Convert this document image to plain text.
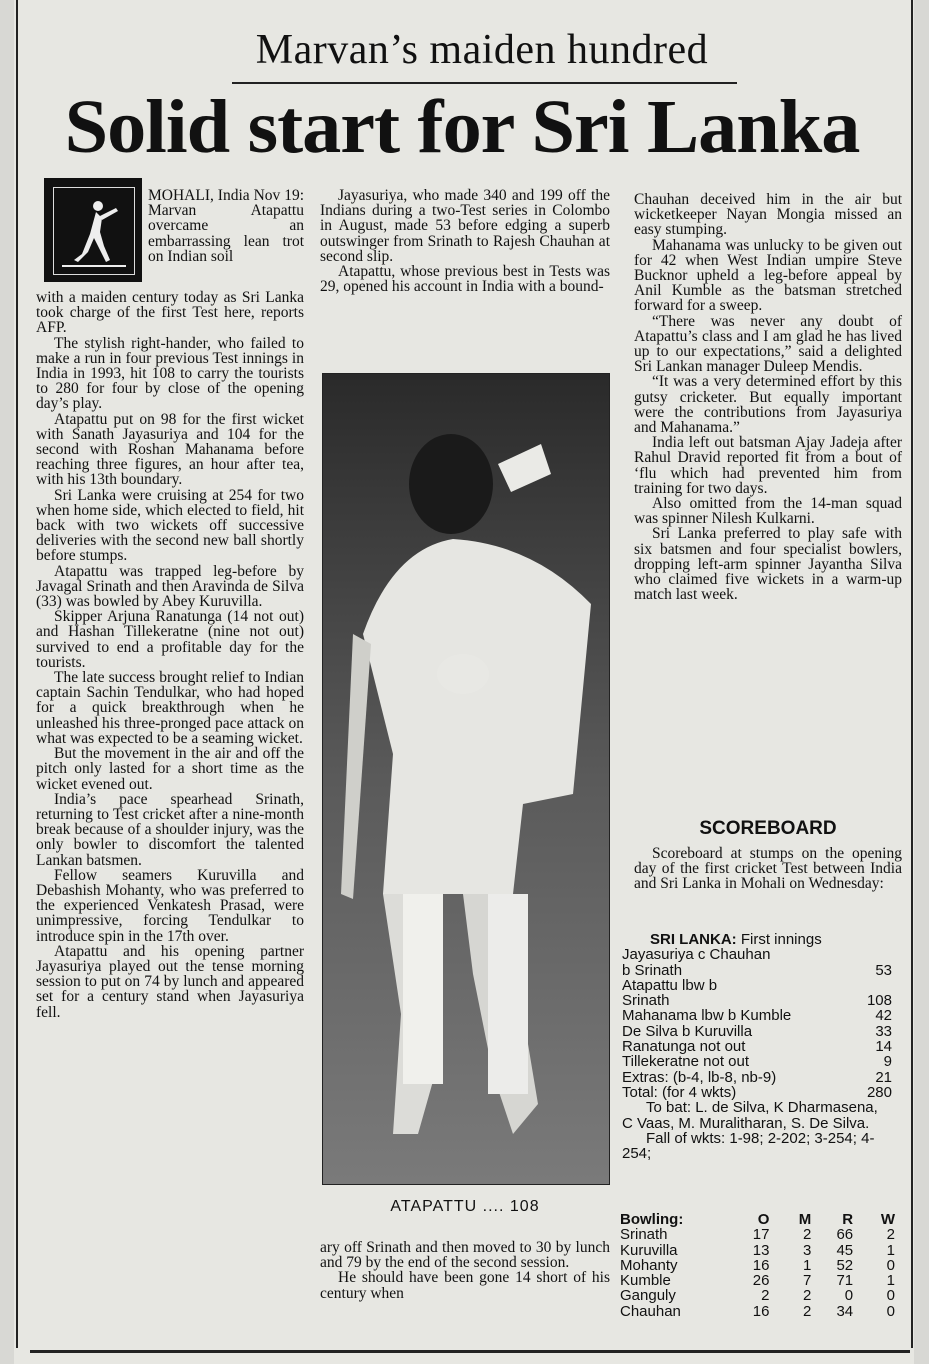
Marvan’s maiden hundred
Solid start for Sri Lanka
MOHALI, India Nov 19: Marvan Atapattu overcame an embarrassing lean trot on Indian soil

with a maiden century today as Sri Lanka took charge of the first Test here, reports AFP.

The stylish right-hander, who failed to make a run in four previous Test innings in India in 1993, hit 108 to carry the tourists to 280 for four by close of the opening day’s play.

Atapattu put on 98 for the first wicket with Sanath Jayasuriya and 104 for the second with Roshan Mahanama before reaching three figures, an hour after tea, with his 13th boundary.

Sri Lanka were cruising at 254 for two when home side, which elected to field, hit back with two wickets off successive deliveries with the second new ball shortly before stumps.

Atapattu was trapped leg-before by Javagal Srinath and then Aravinda de Silva (33) was bowled by Abey Kuruvilla.

Skipper Arjuna Ranatunga (14 not out) and Hashan Tillekeratne (nine not out) survived to end a profitable day for the tourists.

The late success brought relief to Indian captain Sachin Tendulkar, who had hoped for a quick breakthrough when he unleashed his three-pronged pace attack on what was expected to be a seaming wicket.

But the movement in the air and off the pitch only lasted for a short time as the wicket evened out.

India’s pace spearhead Srinath, returning to Test cricket after a nine-month break because of a shoulder injury, was the only bowler to discomfort the talented Lankan batsmen.

Fellow seamers Kuruvilla and Debashish Mohanty, who was preferred to the experienced Venkatesh Prasad, were unimpressive, forcing Tendulkar to introduce spin in the 17th over.

Atapattu and his opening partner Jayasuriya played out the tense morning session to put on 74 by lunch and appeared set for a century stand when Jayasuriya fell.

Jayasuriya, who made 340 and 199 off the Indians during a two-Test series in Colombo in August, made 53 before edging a superb outswinger from Srinath to Rajesh Chauhan at second slip.

Atapattu, whose previous best in Tests was 29, opened his account in India with a bound-

ATAPATTU .... 108

ary off Srinath and then moved to 30 by lunch and 79 by the end of the second session.

He should have been gone 14 short of his century when

Chauhan deceived him in the air but wicketkeeper Nayan Mongia missed an easy stumping.

Mahanama was unlucky to be given out for 42 when West Indian umpire Steve Bucknor upheld a leg-before appeal by Anil Kumble as the batsman stretched forward for a sweep.

“There was never any doubt of Atapattu’s class and I am glad he has lived up to our expectations,” said a delighted Sri Lankan manager Duleep Mendis.

“It was a very determined effort by this gutsy cricketer. But equally important were the contributions from Jayasuriya and Mahanama.”

India left out batsman Ajay Jadeja after Rahul Dravid reported fit from a bout of ‘flu which had prevented him from training for two days.

Also omitted from the 14-man squad was spinner Nilesh Kulkarni.

Sri Lanka preferred to play safe with six batsmen and four specialist bowlers, dropping left-arm spinner Jayantha Silva who claimed five wickets in a warm-up match last week.

SCOREBOARD

Scoreboard at stumps on the opening day of the first cricket Test between India and Sri Lanka in Mohali on Wednesday:

SRI LANKA: First innings
Jayasuriya c Chauhan
b Srinath	53
Atapattu lbw b
Srinath	108
Mahanama lbw b Kumble	42
De Silva b Kuruvilla	33
Ranatunga not out	14
Tillekeratne not out	9
Extras: (b-4, lb-8, nb-9)	21
Total: (for 4 wkts)	280
To bat: L. de Silva, K Dharmasena, C Vaas, M. Muralitharan, S. De Silva.
Fall of wkts: 1-98; 2-202; 3-254; 4-254;
Bowling:	O	M	R	W
Srinath	17	2	66	2
Kuruvilla	13	3	45	1
Mohanty	16	1	52	0
Kumble	26	7	71	1
Ganguly	2	2	0	0
Chauhan	16	2	34	0
